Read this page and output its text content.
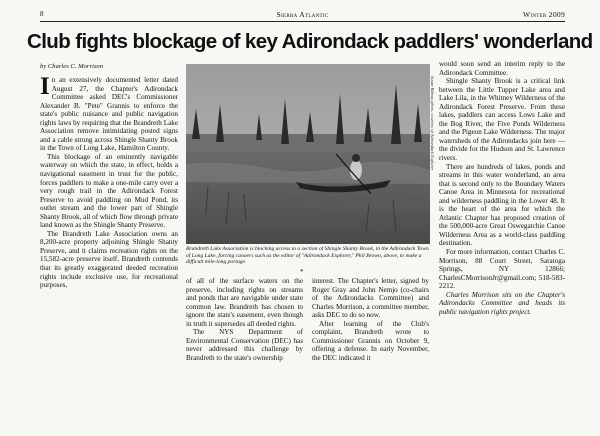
8	Sierra Atlantic	Winter 2009
Club fights blockage of key Adirondack paddlers' wonderland
by Charles C. Morrison

In an extensively documented letter dated August 27, the Chapter's Adirondack Committee asked DEC's Commissioner Alexander B. "Pete" Grannis to enforce the state's public nuisance and public navigation rights laws by requiring that the Brandreth Lake Association remove intimidating posted signs and a cable strung across Shingle Shanty Brook in the Town of Long Lake, Hamilton County.

This blockage of an eminently navigable waterway on which the state, in effect, holds a navigational easement in trust for the public, forces paddlers to make a one-mile carry over a very rough trail in the Adirondack Forest Preserve to avoid paddling on Mud Pond, its outlet stream and the lower part of Shingle Shanty Brook, all of which flow through private land known as the Shingle Shanty Preserve.

The Brandreth Lake Association owns an 8,200-acre property adjoining Shingle Shanty Preserve, and it claims recreation rights on the 15,582-acre preserve itself. Brandreth contends that its greatly exaggerated deeded recreation rights include exclusive use, for recreational purposes,

Susan Bibeau photo, courtesy of Adirondack Explorer
Brandreth Lake Association is blocking access to a section of Shingle Shanty Brook, in the Adirondack Town of Long Lake, forcing canoers such as the editor of "Adirondack Explorer," Phil Brown, above, to make a difficult mile-long portage.
*

of all of the surface waters on the preserve, including rights on streams and ponds that are navigable under state common law. Brandreth has chosen to ignore the state's easement, even though in truth it supersedes all deeded rights.

The NYS Department of Environmental Conservation (DEC) has never addressed this challenge by Brandreth to the state's ownership

interest. The Chapter's letter, signed by Roger Gray and John Nemjo (co-chairs of the Adirondacks Committee) and Charles Morrison, a committee member, asks DEC to do so now.

After learning of the Club's complaint, Brandreth wrote to Commissioner Grannis on October 9, offering a defense. In early November, the DEC indicated it

would soon send an interim reply to the Adirondack Committee.

Shingle Shanty Brook is a critical link between the Little Tupper Lake area and Lake Lila, in the Whitney Wilderness of the Adirondack Forest Preserve. From these lakes, paddlers can access Lows Lake and the Bog River, the Five Ponds Wilderness and the Pigeon Lake Wilderness. The major watersheds of the Adirondacks join here — the divide for the Hudson and St. Lawrence rivers.

There are hundreds of lakes, ponds and streams in this water wonderland, an area that is second only to the Boundary Waters Canoe Area in Minnesota for recreational and wilderness paddling in the Lower 48. It is the heart of the area for which the Atlantic Chapter has proposed creation of the 500,000-acre Great Oswegatchie Canoe Wilderness Area as a world-class paddling destination.

For more information, contact Charles C. Morrison, 88 Court Street, Saratoga Springs, NY 12866; CharlesCMorrisonJr@gmail.com; 518-583-2212.

Charles Morrison sits on the Chapter's Adirondacks Committee and heads its public navigation rights project.
